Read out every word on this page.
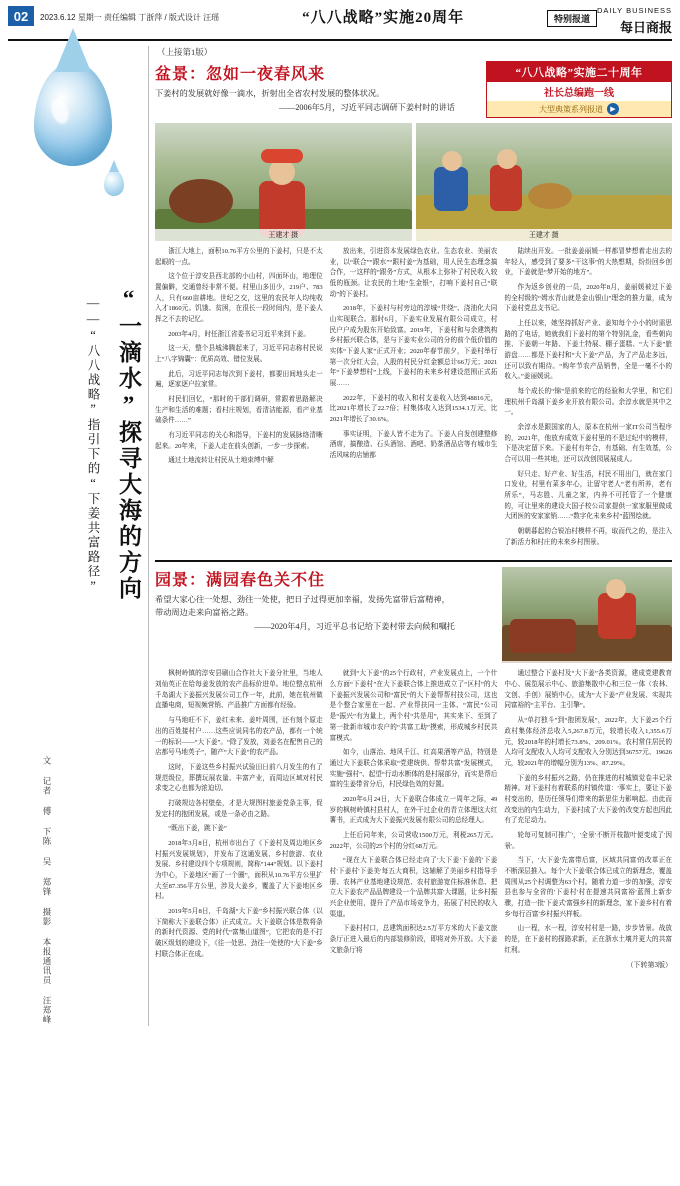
02	2023.6.12 星期一 责任编辑 丁浙萍 / 版式设计 汪瑶	“八八战略”实施20周年	特别报道
DAILY BUSINESS
每日商报
“一滴水”探寻大海的方向
——“八八战略”指引下的“下姜共富路径”
文 记者 傅 下陈 吴 郑锋 摄影 本报通讯员 汪郑峰
（上接第1版）
盆景：忽如一夜春风来
下姜村的发展就好像一滴水，折射出全省农村发展的整体状况。
——2006年5月，习近平同志调研下姜村时的讲话
“八八战略”实施二十周年
社长总编跑一线
大型典策系列报道	▶
王建才 摄	王建才 摄

浙江大地上，面积10.76平方公里的下姜村，只是不太起眼的一点。

这个位于淳安县西北部的小山村，四面环山，地理位置偏僻，交通曾经非常不便。村里山多田少，219户、783人，只有660亩耕地。世纪之交，这里的农民年人均纯收入才1860元。饥饿、贫困，在很长一段时间内，是下姜人挥之不去的记忆。

2003年4月，时任浙江省委书记习近平来到下姜。

这一天，整个县城沸腾起来了，习近平同志称村民说上“八字锦囊”：优质高效、错位发展。

此后，习近平同志每次到下姜村，都要田间地头走一遍，逐家逐户拉家常。

村民们回忆，“那时的干部们调研，常跟着思路解决生产和生活的难题；看村庄规划，看清洁能源，看产业基础条件……”

有习近平同志的关心和指导，下姜村的发展脉络清晰起来。20年来，下姜人走在前头创新，一步一步探索。

通过土地流转让村民从土地束缚中解

放出来，引进资本发展绿色农业、生态农业、美丽农业，以“联合”“跟水”“跟村姜”为基础，用人民生态理念搞合作，一这样的“跟务”方式，从根本上弥补了村民收入较低的瓶颈。让农民的土地“生金银”，打响下姜村自己“联动”的下姜村。

2018年，下姜村与村旁边的淳城“井绕”、浇油化大同山实现联合。那时6月，下姜实业发展有限公司成立，村民户户成为股东开始致富。2019年，下姜村和与余建筑构乡村振兴联合体，是与下姜实业公司的分的前个低价值的实体“下姜人家”正式开业；2020年春节前夕，下姜村举行第一次分红大会，人股的村民分红金额总计66万元；2021年“下姜梦想村”上线，下姜村的未来乡村建设范围正式拓展……

2022年，下姜村的收入和村支姜收入达到48816元，比2021年增长了22.7倍；村集体收入达到1534.1万元，比2021年增长了30.6%。

事实证明，下姜人皆不走为了。下姜人自发创建整修酒席，搞酿造、石头酒馆、酒吧、奶茶酒品店等有城市生活风味的店铺都

陆续出开发。一批姜姜丽媛一样都冒梦想着走出去的年轻人，感受到了要多“干这事”的大热想期，纷纷回乡创业，下姜就是“梦开始的地方”。

作为返乡创业的一员，2020年8月，姜丽媛被过下姜的全村级的“姆水青山就是金山银山”理念的推力量，成为下姜村党总支书记。

上任以来，她坚持抓好产业、姜知每个小小的时需思路的了电话，她就我们下姜村的第个特别礼金，看些朝向推、下姜朝一年路、下姜土特展、棚子蛋糕、“大下姜”旅游盘……都是下姜村和“大下姜”产品，为了产品走多远，还可以致有期待。“购年节农产品销售，全是一毫不小的收入。”姜丽媛说。

每个成长的“锦”是前来的它的经验和大学里，和它们理杭州千岛湖下姜乡业开放有限公司。余淳水就是其中之一。

余淳水是跟国家的人，原本在杭州一家IT公司当程序的，2021年，他放弃成效下姜村里的不是过纪中的模样，下是决定留下来。下姜村有年合，有基础、有生效基，公合可以用一些其地，还可以改创园展展成人。

好只走、好产业、好生活，村民不用出门，就在家门口发业，村里有菜多年心，让留守老人“老有所养，老有所乐”，马志胜、儿童之家，内养不可托管了一个健康的，可让里来的建设大国子校公司家提供一家家服里做成大团医的安家家销……“数字化未来乡村”蓝图绘就。

朝朝暮起的合锐冶村模样不再，取而代之的，是注入了新活力和村庄的未来乡村图景。

园景：满园春色关不住
希望大家心往一处想、劲往一处使，把日子过得更加幸福，发扬先富带后富精神，带动周边走来向富裕之路。
——2020年4月，习近平总书记给下姜村带去向候和嘱托

枫树岭镇的淳安县刷山合作社大下姜分社里，当地人刘仙英正在给每姜发放的农产品标价进单。地位整点杭州千岛湖大下姜振兴发展公司工作一年，此前，她在杭州做直播电商，短视频营销、产品推广方面都有经验。

与马地旺不下，姜红未来、姜叶周围，还有刻个原走出的百姓接村户……这些应说同名的农产品，都有一个统一的标识——“大下姜”。“除了发放，刘姜名在配售自己的店都号马地英子”，随产“大下姜”的农产品。

这时，下姜这些乡村振兴试验田日前八月发生的有了规范级位，葬撰玩展农量、丰富产业，而周边区域对村民求变之心也都为浓迫切。

打破规边各村壁垒，才是大规图村旅姜党条主事，促发定村的抱团发展，或是一条必由之路。

“既出下姜，跳下姜”

2018年3月8日，杭州市出台了《下姜村及周边地区乡村振兴发展规划》，并发布了这通发展、乡村旅游、农业发展、乡村建设四个专项规则，简称“144”规划。以下姜村为中心，下姜地区“画了一个圈”，面积从10.76平方公里扩大至87.356平方公里，涉及大姜乡，覆盖了大下姜地区乡村。

2019年5月8日，千岛湖“大下姜”乡村振兴联合体（以下简称大下姜联合体）正式成立。大下姜联合体是数将条的新时代资源、党的时代“富集山道图”，它把农的是不打破区级划的建设下，《往一处思、劲往一处使的“大下姜”乡村联合体正在成。

就到“大下姜”的25个行政村，产业发展点上，一个什么方面“下姜村”在大下姜联合体上推进成立了“区村”的大下姜振兴发展公司和“富民”的大下姜帮帮村技公司，这也是个整合家里在一起、产业帮扶同一主体、“富民”公司是“振兴”有为量上，两个村“共是用”，其实来下、至到了第一批新市城市农户的“共富工助”摸索，形成城乡村民共富模式。

如今，山落治、地风千江、红高果酒等产品，特别是通过大下姜联合体采取“党建统供、帮带共富”发展模式，实施“强村”、起望“行动水断体的是村展部分，而实是帮后富的生姜带省分后，村民绿色效的好置。

2020年6月24日，大下姜联合体成立一周年之际，49岁的枫树岭镇村县村人，在外干过企业的青立体理这大红薯书，正式成为大下姜振兴发展有限公司的总经理人。

上任后同年来，公司营收1500万元，利税265万元。2022年，公司的25个村的分红68万元。

“现在大下姜联合体已经走向了'大下姜'下姜的'下姜村'下姜村'下姜美'每五大商积，这辅解了美丽乡村指导手册、农林产业基地建设规范、农村旅游宽住标准休息、把立大下姜农产品品牌建设一个'品牌共富'大课题，让乡村振兴企业使用，提升了产品市场竞争力，拓展了村民的收入渠道。

下姜村村口，总建筑面积达2.5万平方米的大下姜文旅条厅正进入最后的内部装修阶段，即将对外开放。大下姜文旅条厅将

通过整合下姜村及“大下姜”各类资源，建成党建教育中心、展览展示中心、旅游集散中心和三位一体（农林、文创、手创）展销中心，成为“大下姜”产业发展、实现共同富裕的“主平台、主引擎”。

从“单打独斗”到“抱团发展”，2022年，大下姜25个行政村集体经济总收入5,267.8万元，较增长收入1,355.6万元，较2018年的村增长73.8%、209.01%。农村常住居民的人均可支配收入人均可支配收入分别达到36757元、19626元，较2021年的增幅分别为13%、87.29%。

下姜的乡村振兴之路，仍在推进的村城镇觉卷丰记录精神。对下姜村有着联系的村镇传道：'事实上，要让下姜村变出的，是历任领导们带来的新思住力影响起。由此而改变出的内生动力，下姜村成了'大下姜'的改变方起也因此有了充足动力。

轮每可复制可推广'，'全景'不断开枝散叶便变成了'因景'。

当下，'大下姜'先富带后富，区域共同富'的改革正在不断深层推入。每个'大下姜'联合体已成立的新理念，覆盖周围从25个村调整为63个村。随着力道一步的加强，淳安县也参与全省的'下姜村'村在提速共同富裕'蓝图上新步骤，打造一批'下姜式'富强乡村的新理念，家下姜乡村有着乡'每行百富'乡村振兴样板。

山一程，水一程，淳安村村是一路，步步皆景。战放的是，在下姜村的探路求新，正在浙水土壤并更大的共富红利。

（下转第3版）
